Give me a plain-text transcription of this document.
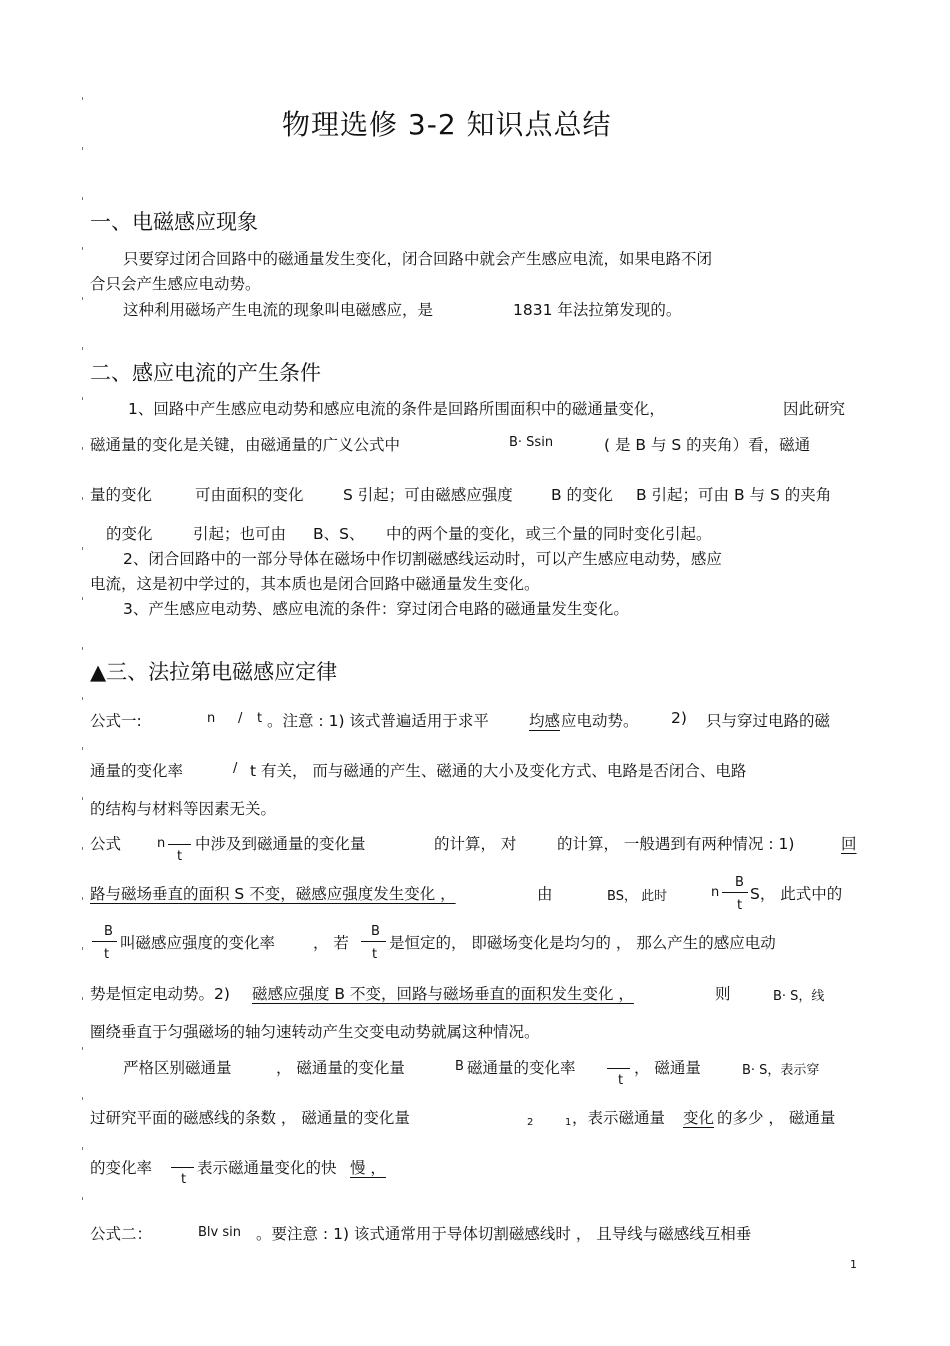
物理选修 3-2 知识点总结
一、电磁感应现象
只要穿过闭合回路中的磁通量发生变化，闭合回路中就会产生感应电流，如果电路不闭
合只会产生感应电动势。
这种利用磁场产生电流的现象叫电磁感应，是	1831 年法拉第发现的。
二、感应电流的产生条件
1、回路中产生感应电动势和感应电流的条件是回路所围面积中的磁通量变化，	因此研究
磁通量的变化是关键，由磁通量的广义公式中	B· Ssin	( 是 B 与 S 的夹角）看，磁通
量的变化	可由面积的变化	S 引起；可由磁感应强度 B 的变化 B 引起；可由 B 与 S 的夹角
的变化	引起；也可由 B、S、 中的两个量的变化，或三个量的同时变化引起。
2、闭合回路中的一部分导体在磁场中作切割磁感线运动时，可以产生感应电动势，感应
电流，这是初中学过的，其本质也是闭合回路中磁通量发生变化。
3、产生感应电动势、感应电流的条件：穿过闭合电路的磁通量发生变化。
▲三、法拉第电磁感应定律
公式一:	n / t 。注意 : 1) 该式普遍适用于求平	均感 应电动势。 2) 只与穿过电路的磁
通量的变化率	/ t 有关， 而与磁通的产生、磁通的大小及变化方式、电路是否闭合、电路
的结构与材料等因素无关。
公式	n
t
中涉及到磁通量的变化量	的计算， 对	的计算， 一般遇到有两种情况 : 1)	回
路与磁场垂直的面积 S 不变，磁感应强度发生变化 ，	由	BS， 此时	n
B
t
S， 此式中的
B
t
叫磁感应强度的变化率 ， 若
B
t
是恒定的， 即磁场变化是均匀的 ， 那么产生的感应电动
势是恒定电动势。2) 磁感应强度 B 不变，回路与磁场垂直的面积发生变化 ，	则	B· S，线
圈绕垂直于匀强磁场的轴匀速转动产生交变电动势就属这种情况。
严格区别磁通量	， 磁通量的变化量	B 磁通量的变化率
t
， 磁通量	B· S，表示穿
过研究平面的磁感线的条数 ， 磁通量的变化量	2	1 ，表示磁通量 变化 的多少 ， 磁通量
的变化率
t
表示磁通量变化的快 慢 ，
公式二：	Blv sin 。要注意 : 1) 该式通常用于导体切割磁感线时 ， 且导线与磁感线互相垂
1
